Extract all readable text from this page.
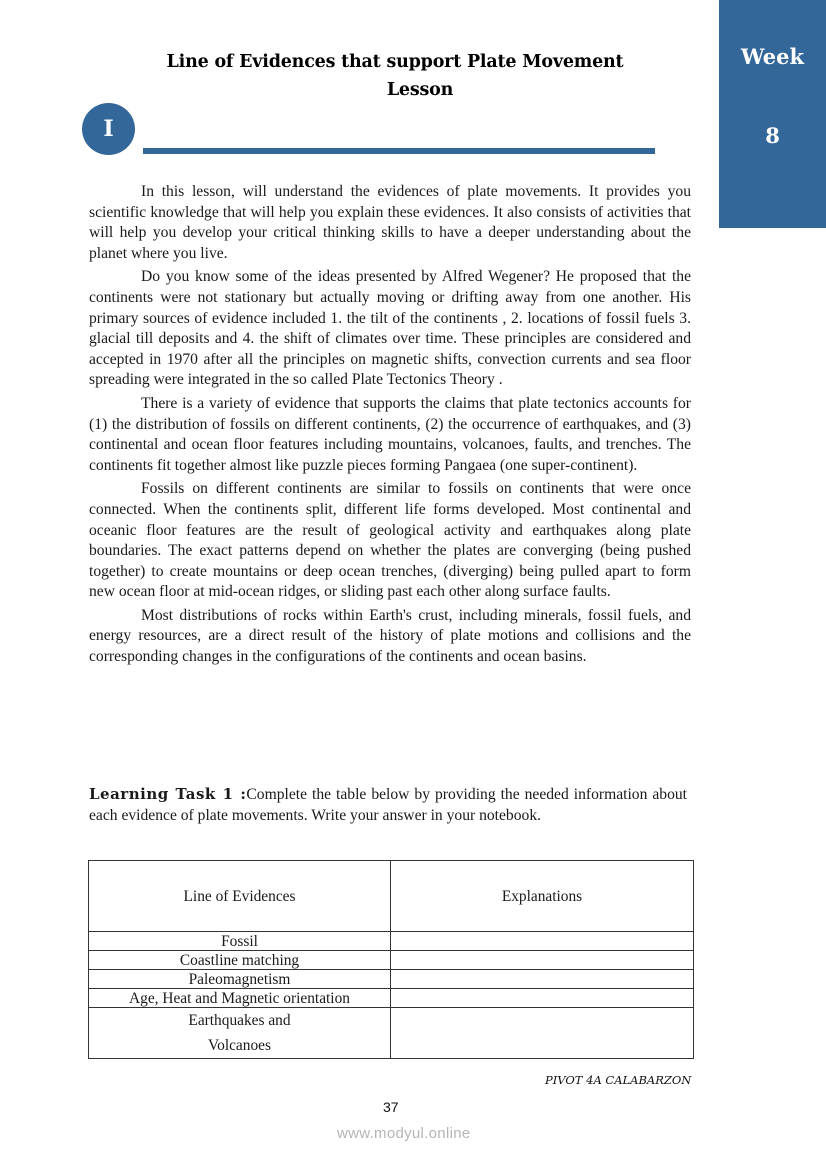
Week
8
Line of Evidences that support Plate Movement
Lesson
I

In this lesson, will understand the evidences of plate movements. It provides you scientific knowledge that will help you explain these evidences. It also consists of activities that will help you develop your critical thinking skills to have a deeper understanding about the planet where you live.

Do you know some of the ideas presented by Alfred Wegener? He proposed that the continents were not stationary but actually moving or drifting away from one another. His primary sources of evidence included 1. the tilt of the continents , 2. locations of fossil fuels 3. glacial till deposits and 4. the shift of climates over time. These principles are considered and accepted in 1970 after all the principles on magnetic shifts, convection currents and sea floor spreading were integrated in the so called Plate Tectonics Theory .

There is a variety of evidence that supports the claims that plate tectonics accounts for (1) the distribution of fossils on different continents, (2) the occurrence of earthquakes, and (3) continental and ocean floor features including mountains, volcanoes, faults, and trenches. The continents fit together almost like puzzle pieces forming Pangaea (one super-continent).

Fossils on different continents are similar to fossils on continents that were once connected. When the continents split, different life forms developed. Most continental and oceanic floor features are the result of geological activity and earthquakes along plate boundaries. The exact patterns depend on whether the plates are converging (being pushed together) to create mountains or deep ocean trenches, (diverging) being pulled apart to form new ocean floor at mid-ocean ridges, or sliding past each other along surface faults.

Most distributions of rocks within Earth's crust, including minerals, fossil fuels, and energy resources, are a direct result of the history of plate motions and collisions and the corresponding changes in the configurations of the continents and ocean basins.

Learning Task 1 :Complete the table below by providing the needed information about each evidence of plate movements. Write your answer in your notebook.
Line of Evidences	Explanations
Fossil	
Coastline matching	
Paleomagnetism	
Age, Heat and Magnetic orientation	

Earthquakes and
Volcanoes	

PIVOT 4A CALABARZON
37
www.modyul.online
